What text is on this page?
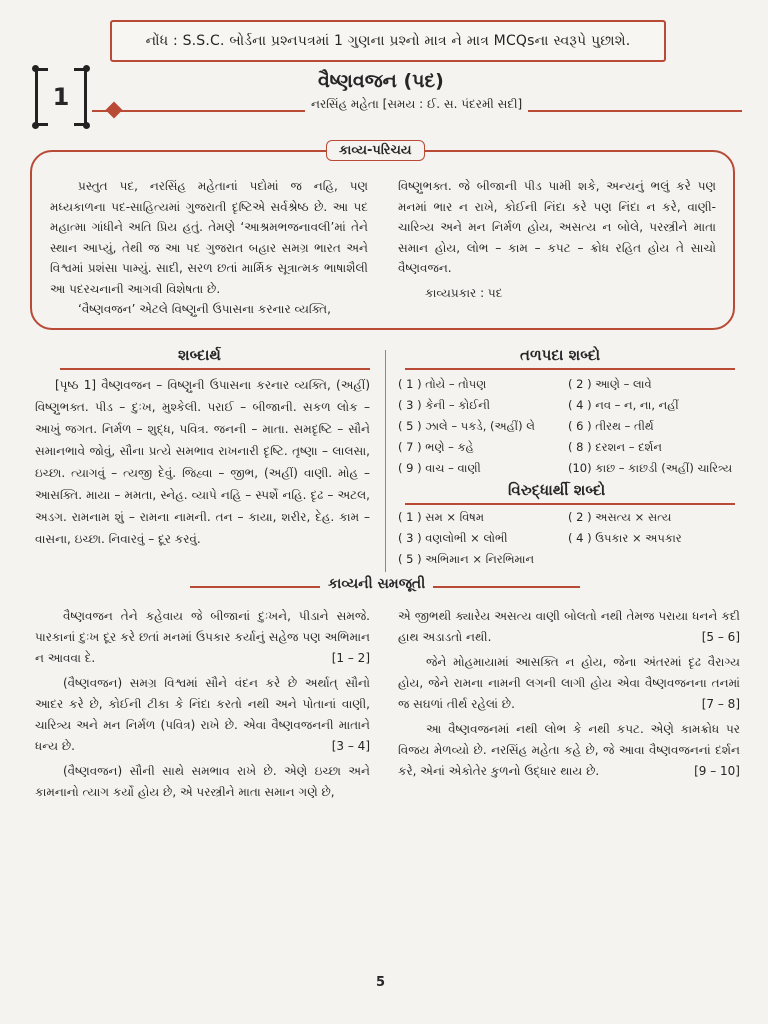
નોંધ : S.S.C. બોર્ડના પ્રશ્નપત્રમાં 1 ગુણના પ્રશ્નો માત્ર ને માત્ર MCQsના સ્વરૂપે પુછાશે.
1
વૈષ્ણવજન (પદ)
નરસિંહ મહેતા [સમય : ઈ. સ. પંદરમી સદી]
કાવ્ય-પરિચય
પ્રસ્તુત પદ, નરસિંહ મહેતાનાં પદોમાં જ નહિ, પણ મધ્યકાળના પદ-સાહિત્યમાં ગુજરાતી દૃષ્ટિએ સર્વશ્રેષ્ઠ છે. આ પદ મહાત્મા ગાંધીને અતિ પ્રિય હતું. તેમણે ‘આશ્રમભજનાવલી’માં તેને સ્થાન આપ્યું, તેથી જ આ પદ ગુજરાત બહાર સમગ્ર ભારત અને વિશ્વમાં પ્રશંસા પામ્યું. સાદી, સરળ છતાં માર્મિક સૂત્રાત્મક ભાષાશૈલી આ પદરચનાની આગવી વિશેષતા છે.
‘વૈષ્ણવજન’ એટલે વિષ્ણુની ઉપાસના કરનાર વ્યક્તિ,
વિષ્ણુભક્ત. જે બીજાની પીડ પામી શકે, અન્યનું ભલું કરે પણ મનમાં ભાર ન રાખે, કોઈની નિંદા કરે પણ નિંદા ન કરે, વાણી-ચારિત્ર્ય અને મન નિર્મળ હોય, અસત્ય ન બોલે, પરસ્ત્રીને માતા સમાન હોય, લોભ – કામ – કપટ – ક્રોધ રહિત હોય તે સાચો વૈષ્ણવજન.
કાવ્યપ્રકાર : પદ
શબ્દાર્થ
[પૃષ્ઠ 1] વૈષ્ણવજન – વિષ્ણુની ઉપાસના કરનાર વ્યક્તિ, (અહીં) વિષ્ણુભક્ત. પીડ – દુઃખ, મુશ્કેલી. પરાઈ – બીજાની. સકળ લોક – આખું જગત. નિર્મળ – શુદ્ધ, પવિત્ર. જનની – માતા. સમદૃષ્ટિ – સૌને સમાનભાવે જોવું, સૌના પ્રત્યે સમભાવ રાખનારી દૃષ્ટિ. તૃષ્ણા – લાલસા, ઇચ્છા. ત્યાગવું – ત્યજી દેવું. જિહ્વા – જીભ, (અહીં) વાણી. મોહ – આસક્તિ. માયા – મમતા, સ્નેહ. વ્યાપે નહિ – સ્પર્શે નહિ. દૃઢ – અટલ, અડગ. રામનામ શું – રામના નામની. તન – કાયા, શરીર, દેહ. કામ – વાસના, ઇચ્છા. નિવારવું – દૂર કરવું.
તળપદા શબ્દો
( 1 ) તોયે – તોપણ	( 2 ) આણે – લાવે
( 3 ) કેની – કોઈની	( 4 ) નવ – ન, ના, નહીં
( 5 ) ઝાલે – પકડે, (અહીં) લે	( 6 ) તીરથ – તીર્થ
( 7 ) ભણે – કહે	( 8 ) દરશન – દર્શન
( 9 ) વાચ – વાણી	(10) કાછ – કાછડી (અહીં) ચારિત્ર્ય
વિરુદ્ધાર્થી શબ્દો
( 1 ) સમ × વિષમ	( 2 ) અસત્ય × સત્ય
( 3 ) વણલોભી × લોભી	( 4 ) ઉપકાર × અપકાર
( 5 ) અભિમાન × નિરભિમાન
કાવ્યની સમજૂતી
વૈષ્ણવજન તેને કહેવાય જે બીજાનાં દુઃખને, પીડાને સમજે. પારકાનાં દુઃખ દૂર કરે છતાં મનમાં ઉપકાર કર્યાનું સહેજ પણ અભિમાન ન આવવા દે.	[1 – 2]
(વૈષ્ણવજન) સમગ્ર વિશ્વમાં સૌને વંદન કરે છે અર્થાત્ સૌનો આદર કરે છે, કોઈની ટીકા કે નિંદા કરતો નથી અને પોતાનાં વાણી, ચારિત્ર્ય અને મન નિર્મળ (પવિત્ર) રાખે છે. એવા વૈષ્ણવજનની માતાને ધન્ય છે.	[3 – 4]
(વૈષ્ણવજન) સૌની સાથે સમભાવ રાખે છે. એણે ઇચ્છા અને કામનાનો ત્યાગ કર્યો હોય છે, એ પરસ્ત્રીને માતા સમાન ગણે છે,
એ જીભથી ક્યારેય અસત્ય વાણી બોલતો નથી તેમજ પરાયા ધનને કદી હાથ અડાડતો નથી.	[5 – 6]
જેને મોહમાયામાં આસક્તિ ન હોય, જેના અંતરમાં દૃઢ વૈરાગ્ય હોય, જેને રામના નામની લગની લાગી હોય એવા વૈષ્ણવજનના તનમાં જ સઘળાં તીર્થ રહેલાં છે.	[7 – 8]
આ વૈષ્ણવજનમાં નથી લોભ કે નથી કપટ. એણે કામક્રોધ પર વિજય મેળવ્યો છે. નરસિંહ મહેતા કહે છે, જે આવા વૈષ્ણવજનનાં દર્શન કરે, એનાં એકોતેર કુળનો ઉદ્ધાર થાય છે.	[9 – 10]
5
